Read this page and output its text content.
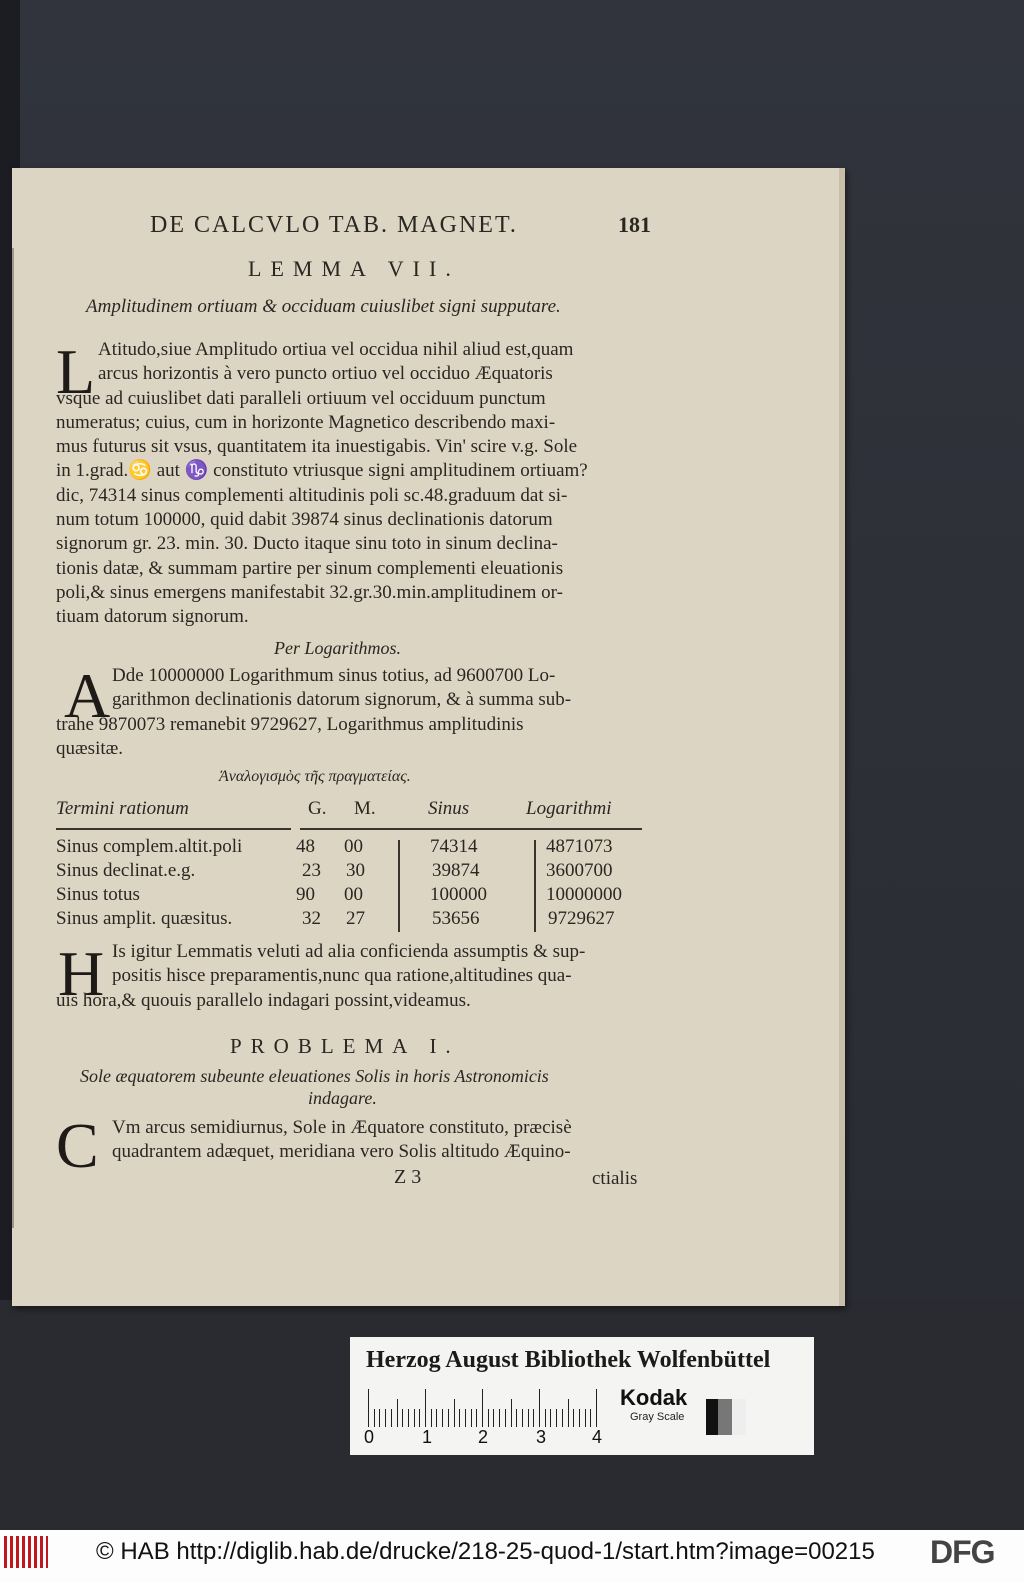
DE CALCVLO TAB. MAGNET.	181
LEMMA VII.
Amplitudinem ortiuam & occiduam cuiuslibet signi supputare.
L Atitudo,siue Amplitudo ortiua vel occidua nihil aliud est,quam
arcus horizontis à vero puncto ortiuo vel occiduo Æquatoris
vsque ad cuiuslibet dati paralleli ortiuum vel occiduum punctum
numeratus; cuius, cum in horizonte Magnetico describendo maxi-
mus futurus sit vsus, quantitatem ita inuestigabis. Vin' scire v.g. Sole
in 1.grad.♋ aut ♑ constituto vtriusque signi amplitudinem ortiuam?
dic, 74314 sinus complementi altitudinis poli sc.48.graduum dat si-
num totum 100000, quid dabit 39874 sinus declinationis datorum
signorum gr. 23. min. 30. Ducto itaque sinu toto in sinum declina-
tionis datæ, & summam partire per sinum complementi eleuationis
poli,& sinus emergens manifestabit 32.gr.30.min.amplitudinem or-
tiuam datorum signorum.
Per Logarithmos.
A Dde 10000000 Logarithmum sinus totius, ad 9600700 Lo-
garithmon declinationis datorum signorum, & à summa sub-
trahe 9870073 remanebit 9729627, Logarithmus amplitudinis
quæsitæ.
Ἀναλογισμὸς τῆς πραγματείας.
Termini rationum	G. M.	Sinus	Logarithmi
Sinus complem.altit.poli	48 00	74314	4871073
Sinus declinat.e.g.	23 30	39874	3600700
Sinus totus	90 00	100000	10000000
Sinus amplit. quæsitus.	32 27	53656	9729627
H Is igitur Lemmatis veluti ad alia conficienda assumptis & sup-
positis hisce preparamentis,nunc qua ratione,altitudines qua-
uis hora,& quouis parallelo indagari possint,videamus.
PROBLEMA I.
Sole æquatorem subeunte eleuationes Solis in horis Astronomicis
indagare.
C Vm arcus semidiurnus, Sole in Æquatore constituto, præcisè
quadrantem adæquet, meridiana vero Solis altitudo Æquino-
Z 3	ctialis
Herzog August Bibliothek Wolfenbüttel
0	1	2	3	4
Kodak
Gray Scale
© HAB http://diglib.hab.de/drucke/218-25-quod-1/start.htm?image=00215 DFG
